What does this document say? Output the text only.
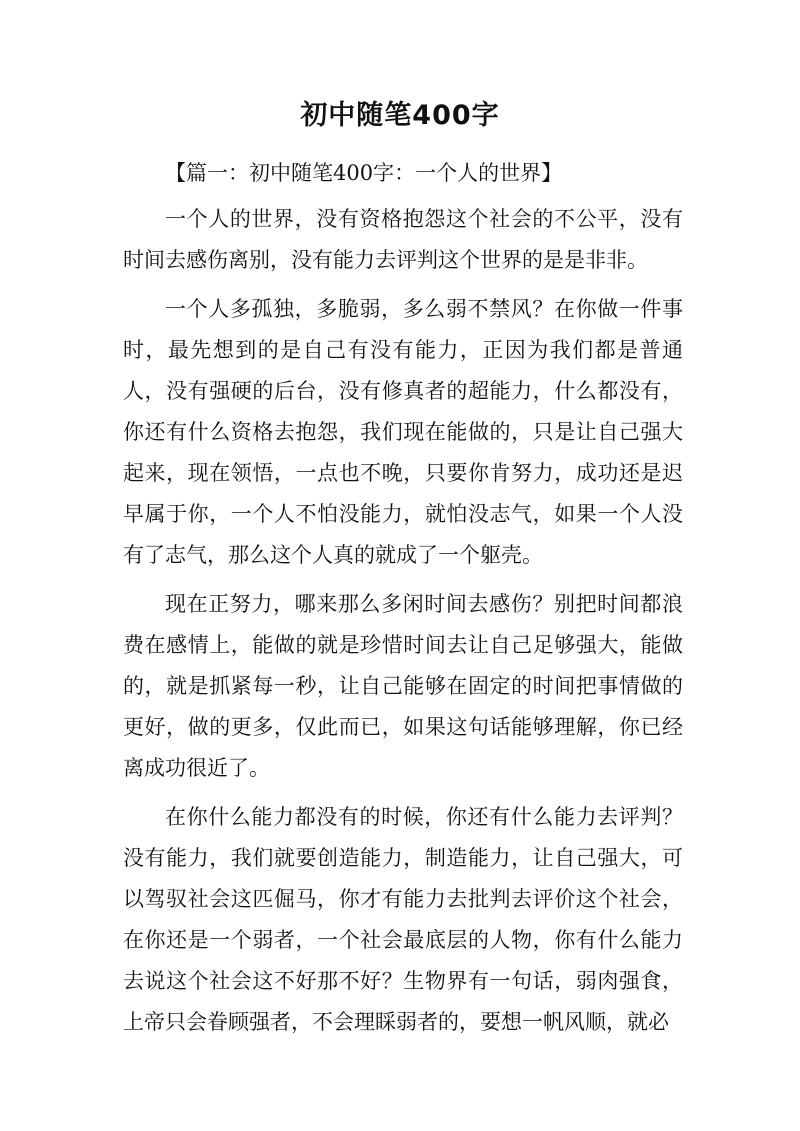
初中随笔400字

【篇一：初中随笔400字：一个人的世界】

一个人的世界，没有资格抱怨这个社会的不公平，没有时间去感伤离别，没有能力去评判这个世界的是是非非。

一个人多孤独，多脆弱，多么弱不禁风？在你做一件事时，最先想到的是自己有没有能力，正因为我们都是普通人，没有强硬的后台，没有修真者的超能力，什么都没有，你还有什么资格去抱怨，我们现在能做的，只是让自己强大起来，现在领悟，一点也不晚，只要你肯努力，成功还是迟早属于你，一个人不怕没能力，就怕没志气，如果一个人没有了志气，那么这个人真的就成了一个躯壳。

现在正努力，哪来那么多闲时间去感伤？别把时间都浪费在感情上，能做的就是珍惜时间去让自己足够强大，能做的，就是抓紧每一秒，让自己能够在固定的时间把事情做的更好，做的更多，仅此而已，如果这句话能够理解，你已经离成功很近了。

在你什么能力都没有的时候，你还有什么能力去评判？没有能力，我们就要创造能力，制造能力，让自己强大，可以驾驭社会这匹倔马，你才有能力去批判去评价这个社会，在你还是一个弱者，一个社会最底层的人物，你有什么能力去说这个社会这不好那不好？生物界有一句话，弱肉强食，上帝只会眷顾强者，不会理睬弱者的，要想一帆风顺，就必
